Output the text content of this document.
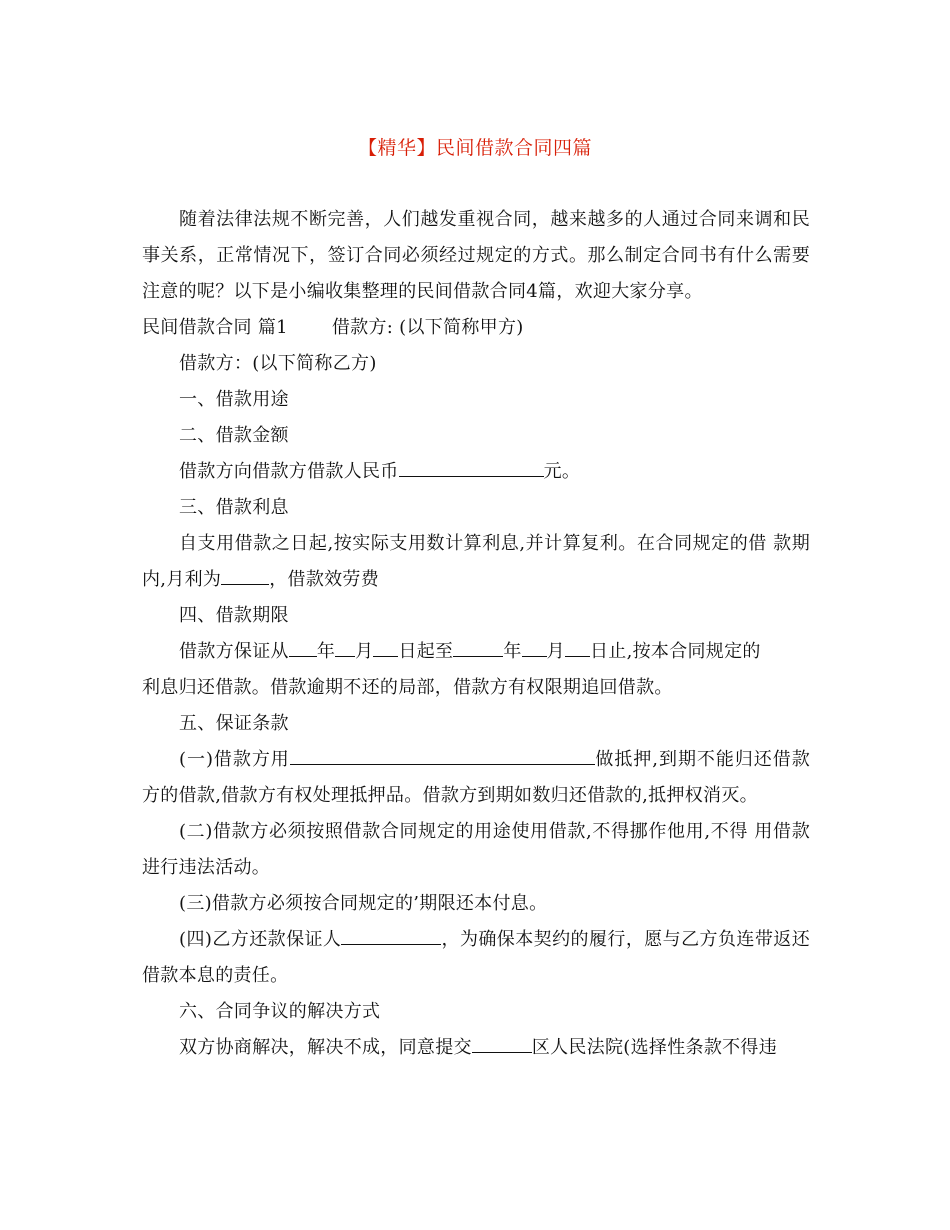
【精华】民间借款合同四篇

随着法律法规不断完善，人们越发重视合同，越来越多的人通过合同来调和民事关系，正常情况下，签订合同必须经过规定的方式。那么制定合同书有什么需要注意的呢？以下是小编收集整理的民间借款合同4篇，欢迎大家分享。

民间借款合同 篇1 借款方: (以下简称甲方)

借款方：(以下简称乙方)

一、借款用途

二、借款金额

借款方向借款方借款人民币	元。

三、借款利息

自支用借款之日起,按实际支用数计算利息,并计算复利。在合同规定的借 款期内,月利为	，借款效劳费

四、借款期限

借款方保证从 年 月 日起至	年 月 日止,按本合同规定的

利息归还借款。借款逾期不还的局部，借款方有权限期追回借款。

五、保证条款

(一)借款方用	做抵押,到期不能归还借款方的借款,借款方有权处理抵押品。借款方到期如数归还借款的,抵押权消灭。

(二)借款方必须按照借款合同规定的用途使用借款,不得挪作他用,不得 用借款进行违法活动。

(三)借款方必须按合同规定的’期限还本付息。

(四)乙方还款保证人	，为确保本契约的履行，愿与乙方负连带返还借款本息的责任。

六、合同争议的解决方式

双方协商解决，解决不成，同意提交	区人民法院(选择性条款不得违
